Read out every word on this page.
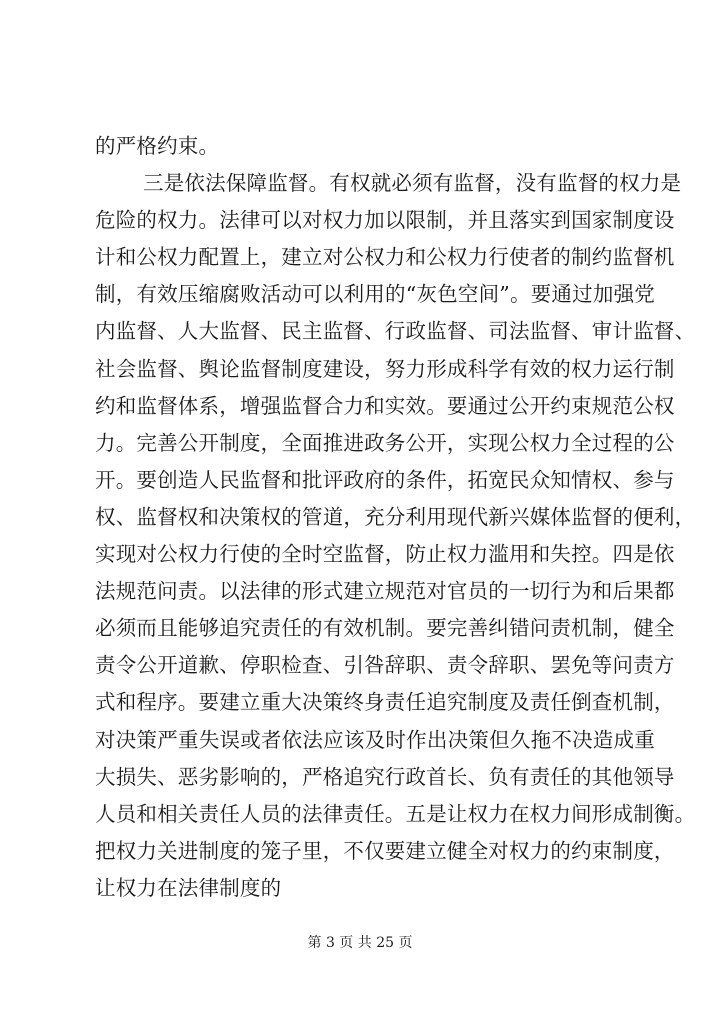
的严格约束。
三是依法保障监督。有权就必须有监督，没有监督的权力是
危险的权力。法律可以对权力加以限制，并且落实到国家制度设
计和公权力配置上，建立对公权力和公权力行使者的制约监督机
制，有效压缩腐败活动可以利用的“灰色空间”。要通过加强党
内监督、人大监督、民主监督、行政监督、司法监督、审计监督、
社会监督、舆论监督制度建设，努力形成科学有效的权力运行制
约和监督体系，增强监督合力和实效。要通过公开约束规范公权
力。完善公开制度，全面推进政务公开，实现公权力全过程的公
开。要创造人民监督和批评政府的条件，拓宽民众知情权、参与
权、监督权和决策权的管道，充分利用现代新兴媒体监督的便利，
实现对公权力行使的全时空监督，防止权力滥用和失控。四是依
法规范问责。以法律的形式建立规范对官员的一切行为和后果都
必须而且能够追究责任的有效机制。要完善纠错问责机制，健全
责令公开道歉、停职检查、引咎辞职、责令辞职、罢免等问责方
式和程序。要建立重大决策终身责任追究制度及责任倒查机制，
对决策严重失误或者依法应该及时作出决策但久拖不决造成重
大损失、恶劣影响的，严格追究行政首长、负有责任的其他领导
人员和相关责任人员的法律责任。五是让权力在权力间形成制衡。
把权力关进制度的笼子里，不仅要建立健全对权力的约束制度，
让权力在法律制度的
第 3 页 共 25 页
